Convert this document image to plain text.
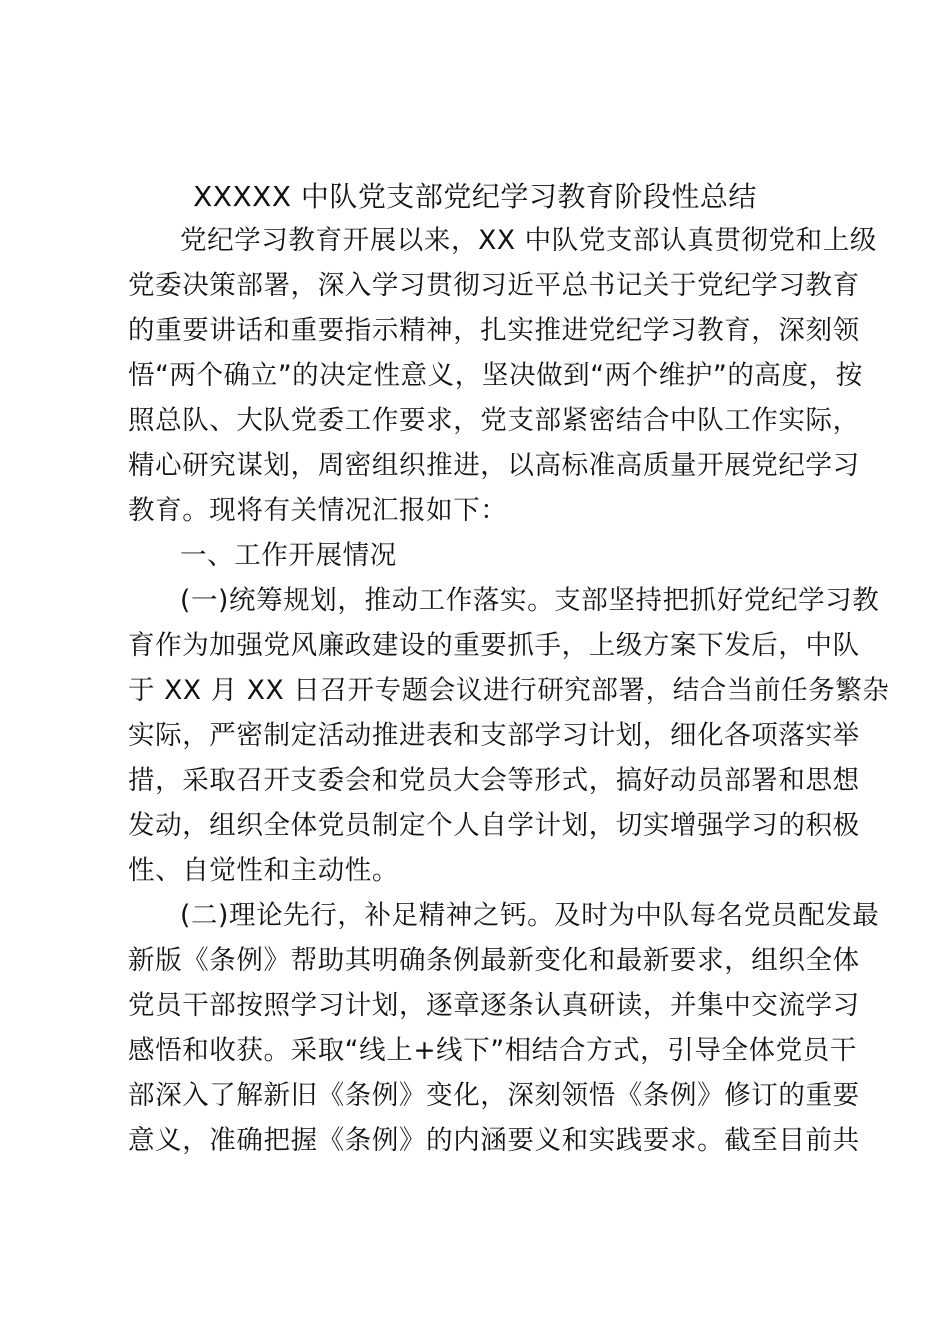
XXXXX 中队党支部党纪学习教育阶段性总结
党纪学习教育开展以来，XX 中队党支部认真贯彻党和上级
党委决策部署，深入学习贯彻习近平总书记关于党纪学习教育
的重要讲话和重要指示精神，扎实推进党纪学习教育，深刻领
悟“两个确立”的决定性意义，坚决做到“两个维护”的高度，按
照总队、大队党委工作要求，党支部紧密结合中队工作实际，
精心研究谋划，周密组织推进，以高标准高质量开展党纪学习
教育。现将有关情况汇报如下：
一、工作开展情况
(一)统筹规划，推动工作落实。支部坚持把抓好党纪学习教
育作为加强党风廉政建设的重要抓手，上级方案下发后，中队
于 XX 月 XX 日召开专题会议进行研究部署，结合当前任务繁杂
实际，严密制定活动推进表和支部学习计划，细化各项落实举
措，采取召开支委会和党员大会等形式，搞好动员部署和思想
发动，组织全体党员制定个人自学计划，切实增强学习的积极
性、自觉性和主动性。
(二)理论先行，补足精神之钙。及时为中队每名党员配发最
新版《条例》帮助其明确条例最新变化和最新要求，组织全体
党员干部按照学习计划，逐章逐条认真研读，并集中交流学习
感悟和收获。采取“线上+线下”相结合方式，引导全体党员干
部深入了解新旧《条例》变化，深刻领悟《条例》修订的重要
意义，准确把握《条例》的内涵要义和实践要求。截至目前共
